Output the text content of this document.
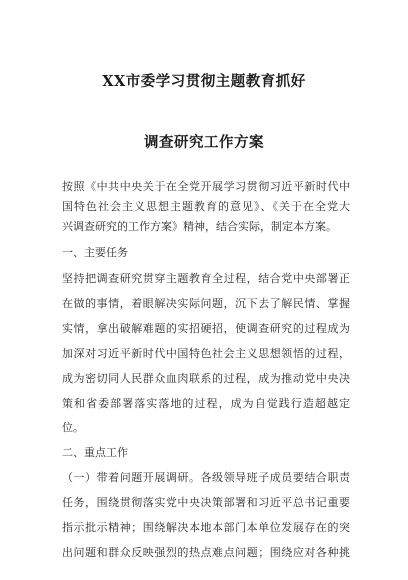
XX市委学习贯彻主题教育抓好
调查研究工作方案
按照《中共中央关于在全党开展学习贯彻习近平新时代中
国特色社会主义思想主题教育的意见》、《关于在全党大
兴调查研究的工作方案》精神，结合实际，制定本方案。
一、主要任务
坚持把调查研究贯穿主题教育全过程，结合党中央部署正
在做的事情，着眼解决实际问题，沉下去了解民情、掌握
实情，拿出破解难题的实招硬招，使调查研究的过程成为
加深对习近平新时代中国特色社会主义思想领悟的过程，
成为密切同人民群众血肉联系的过程，成为推动党中央决
策和省委部署落实落地的过程，成为自觉践行造超越定
位。
二、重点工作
（一）带着问题开展调研。各级领导班子成员要结合职责
任务，围绕贯彻落实党中央决策部署和习近平总书记重要
指示批示精神；围绕解决本地本部门本单位发展存在的突
出问题和群众反映强烈的热点难点问题；围绕应对各种挑
